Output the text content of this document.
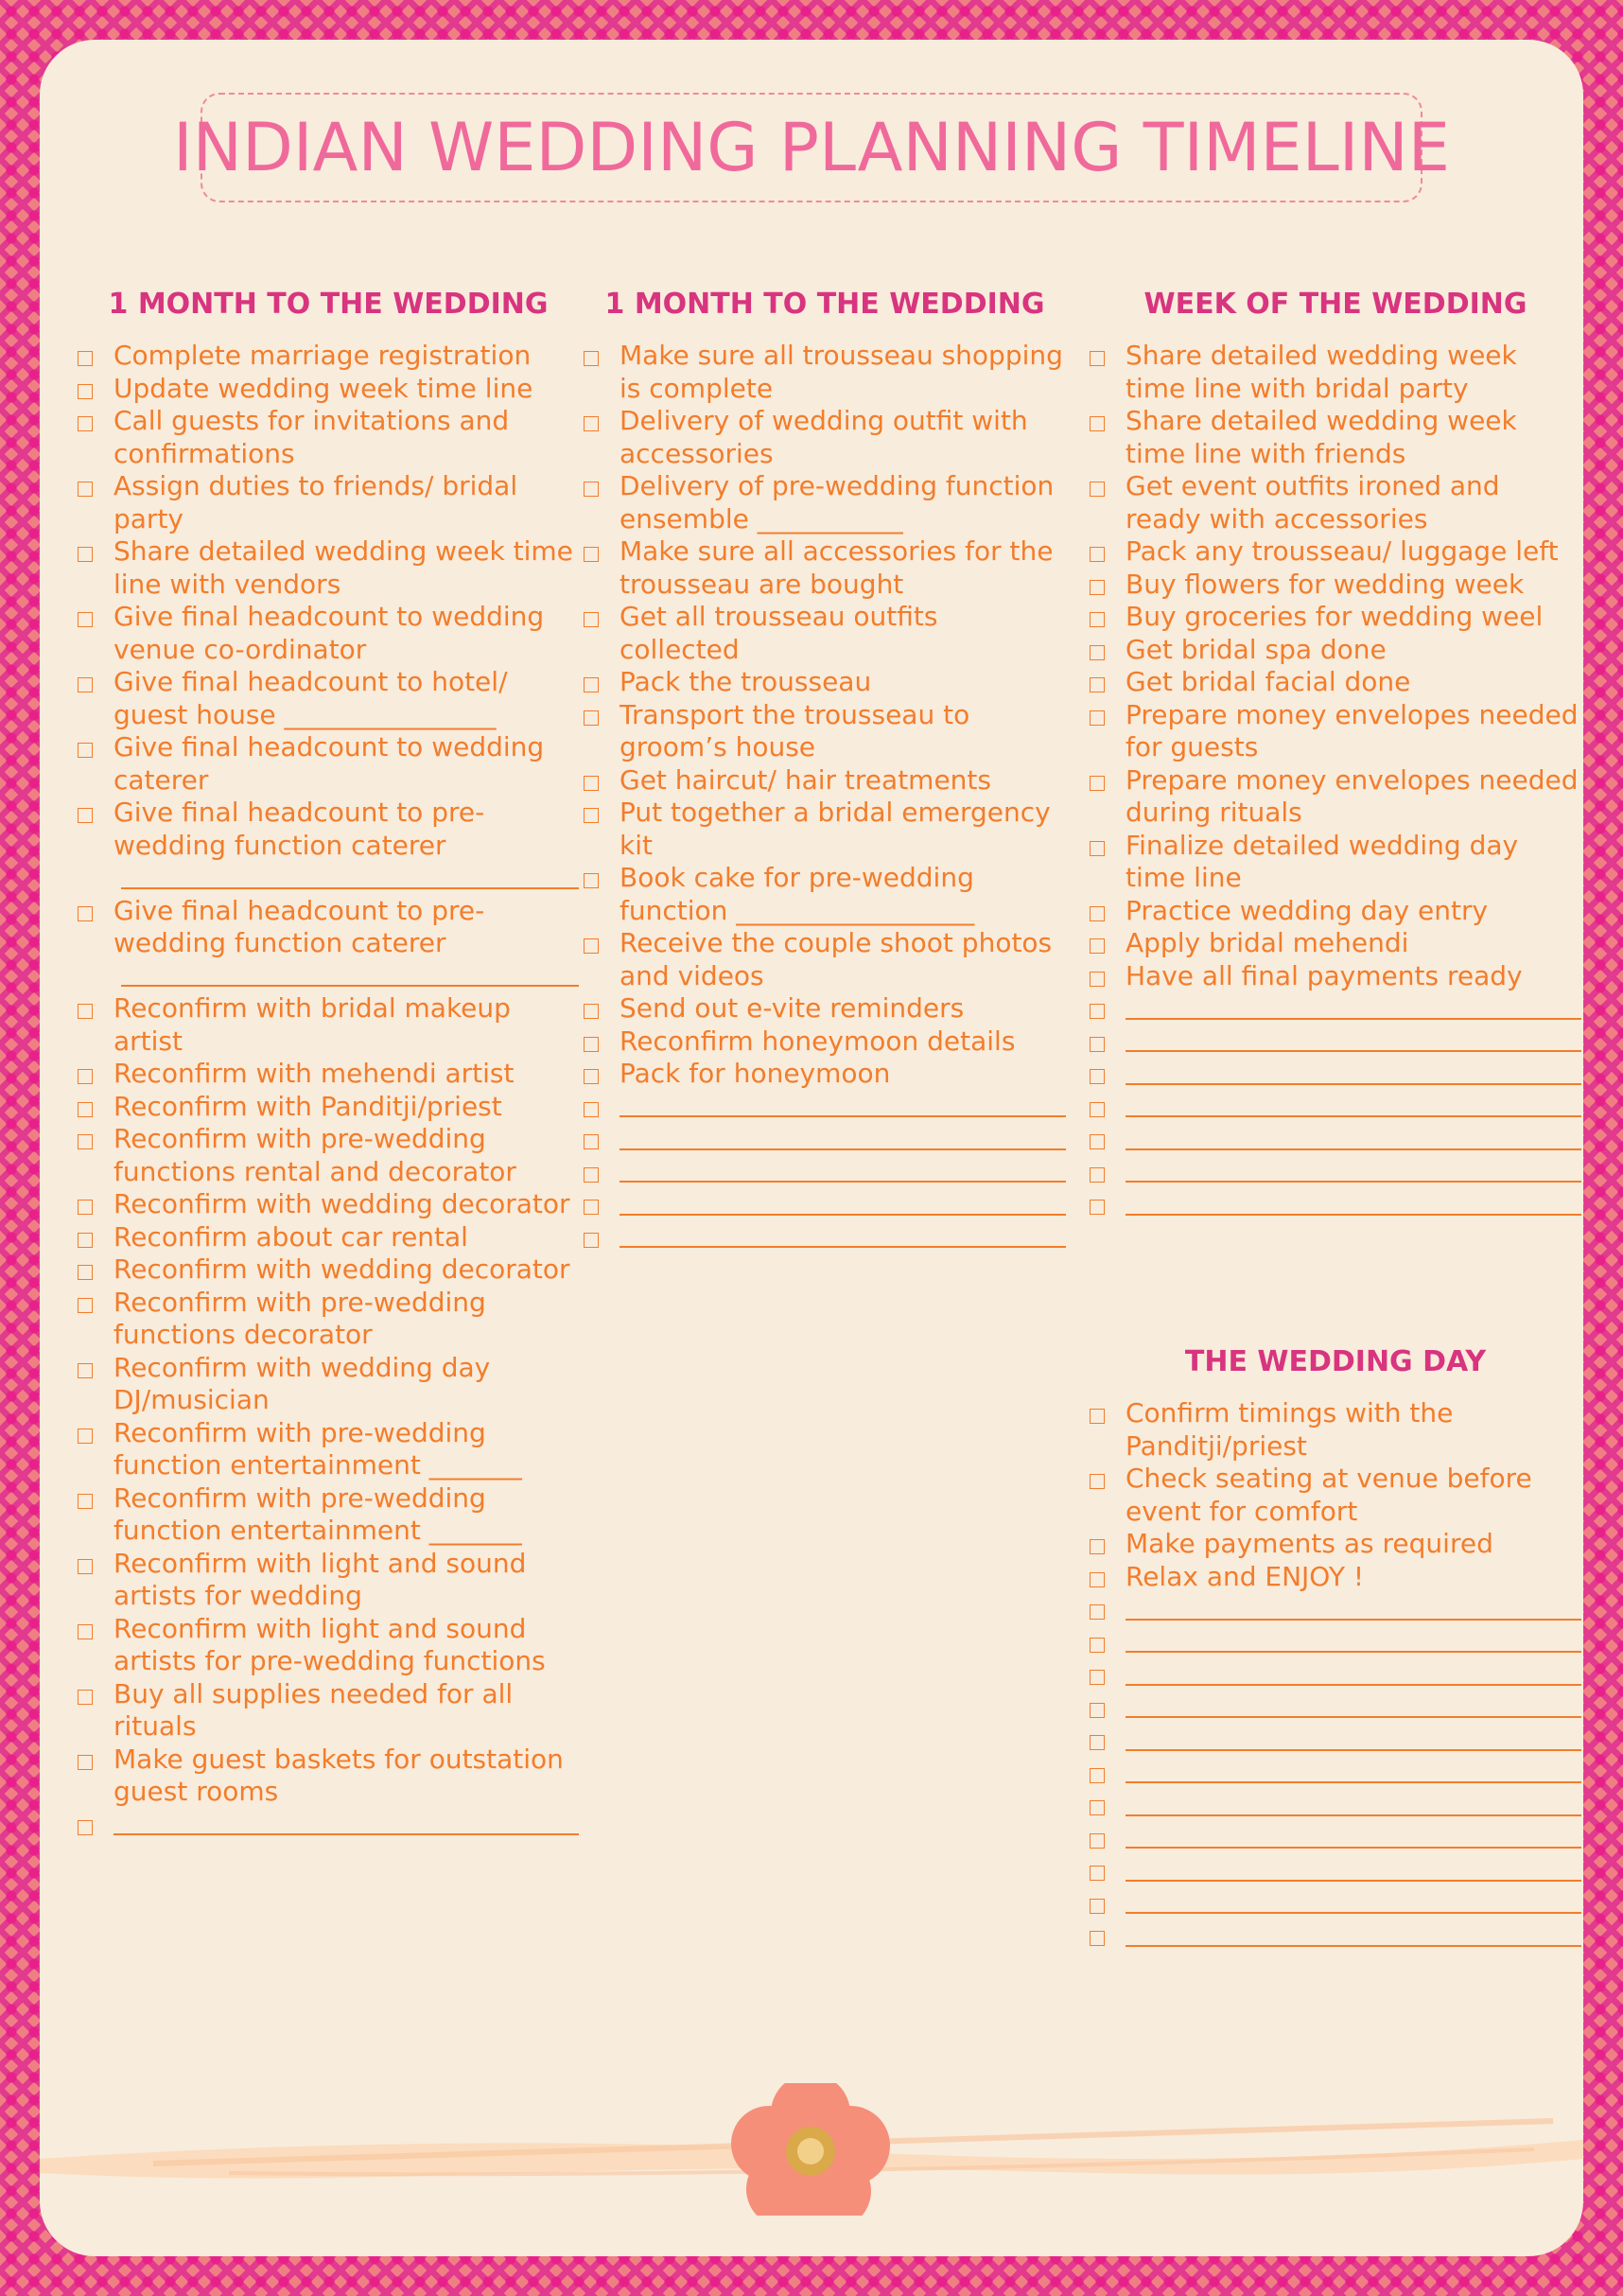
INDIAN WEDDING PLANNING TIMELINE
1 MONTH TO THE WEDDING
Complete marriage registration
Update wedding week time line
Call guests for invitations and confirmations
Assign duties to friends/ bridal party
Share detailed wedding week time line with vendors
Give final headcount to wedding venue co-ordinator
Give final headcount to hotel/ guest house ________________
Give final headcount to wedding caterer
Give final headcount to pre-wedding function caterer
Give final headcount to pre-wedding function caterer
Reconfirm with bridal makeup artist
Reconfirm with mehendi artist
Reconfirm with Panditji/priest
Reconfirm with pre-wedding functions rental and decorator
Reconfirm with wedding decorator
Reconfirm about car rental
Reconfirm with wedding decorator
Reconfirm with pre-wedding functions decorator
Reconfirm with wedding day DJ/musician
Reconfirm with pre-wedding function entertainment _______
Reconfirm with pre-wedding function entertainment _______
Reconfirm with light and sound artists for wedding
Reconfirm with light and sound artists for pre-wedding functions
Buy all supplies needed for all rituals
Make guest baskets for outstation guest rooms
1 MONTH TO THE WEDDING
Make sure all trousseau shopping is complete
Delivery of wedding outfit with accessories
Delivery of pre-wedding function ensemble ___________
Make sure all accessories for the trousseau are bought
Get all trousseau outfits collected
Pack the trousseau
Transport the trousseau to groom’s house
Get haircut/ hair treatments
Put together a bridal emergency kit
Book cake for pre-wedding function __________________
Receive the couple shoot photos and videos
Send out e-vite reminders
Reconfirm honeymoon details
Pack for honeymoon
WEEK OF THE WEDDING
Share detailed wedding week time line with bridal party
Share detailed wedding week time line with friends
Get event outfits ironed and ready with accessories
Pack any trousseau/ luggage left
Buy flowers for wedding week
Buy groceries for wedding weel
Get bridal spa done
Get bridal facial done
Prepare money envelopes needed for guests
Prepare money envelopes needed during rituals
Finalize detailed wedding day time line
Practice wedding day entry
Apply bridal mehendi
Have all final payments ready
THE WEDDING DAY
Confirm timings with the Panditji/priest
Check seating at venue before event for comfort
Make payments as required
Relax and ENJOY !
